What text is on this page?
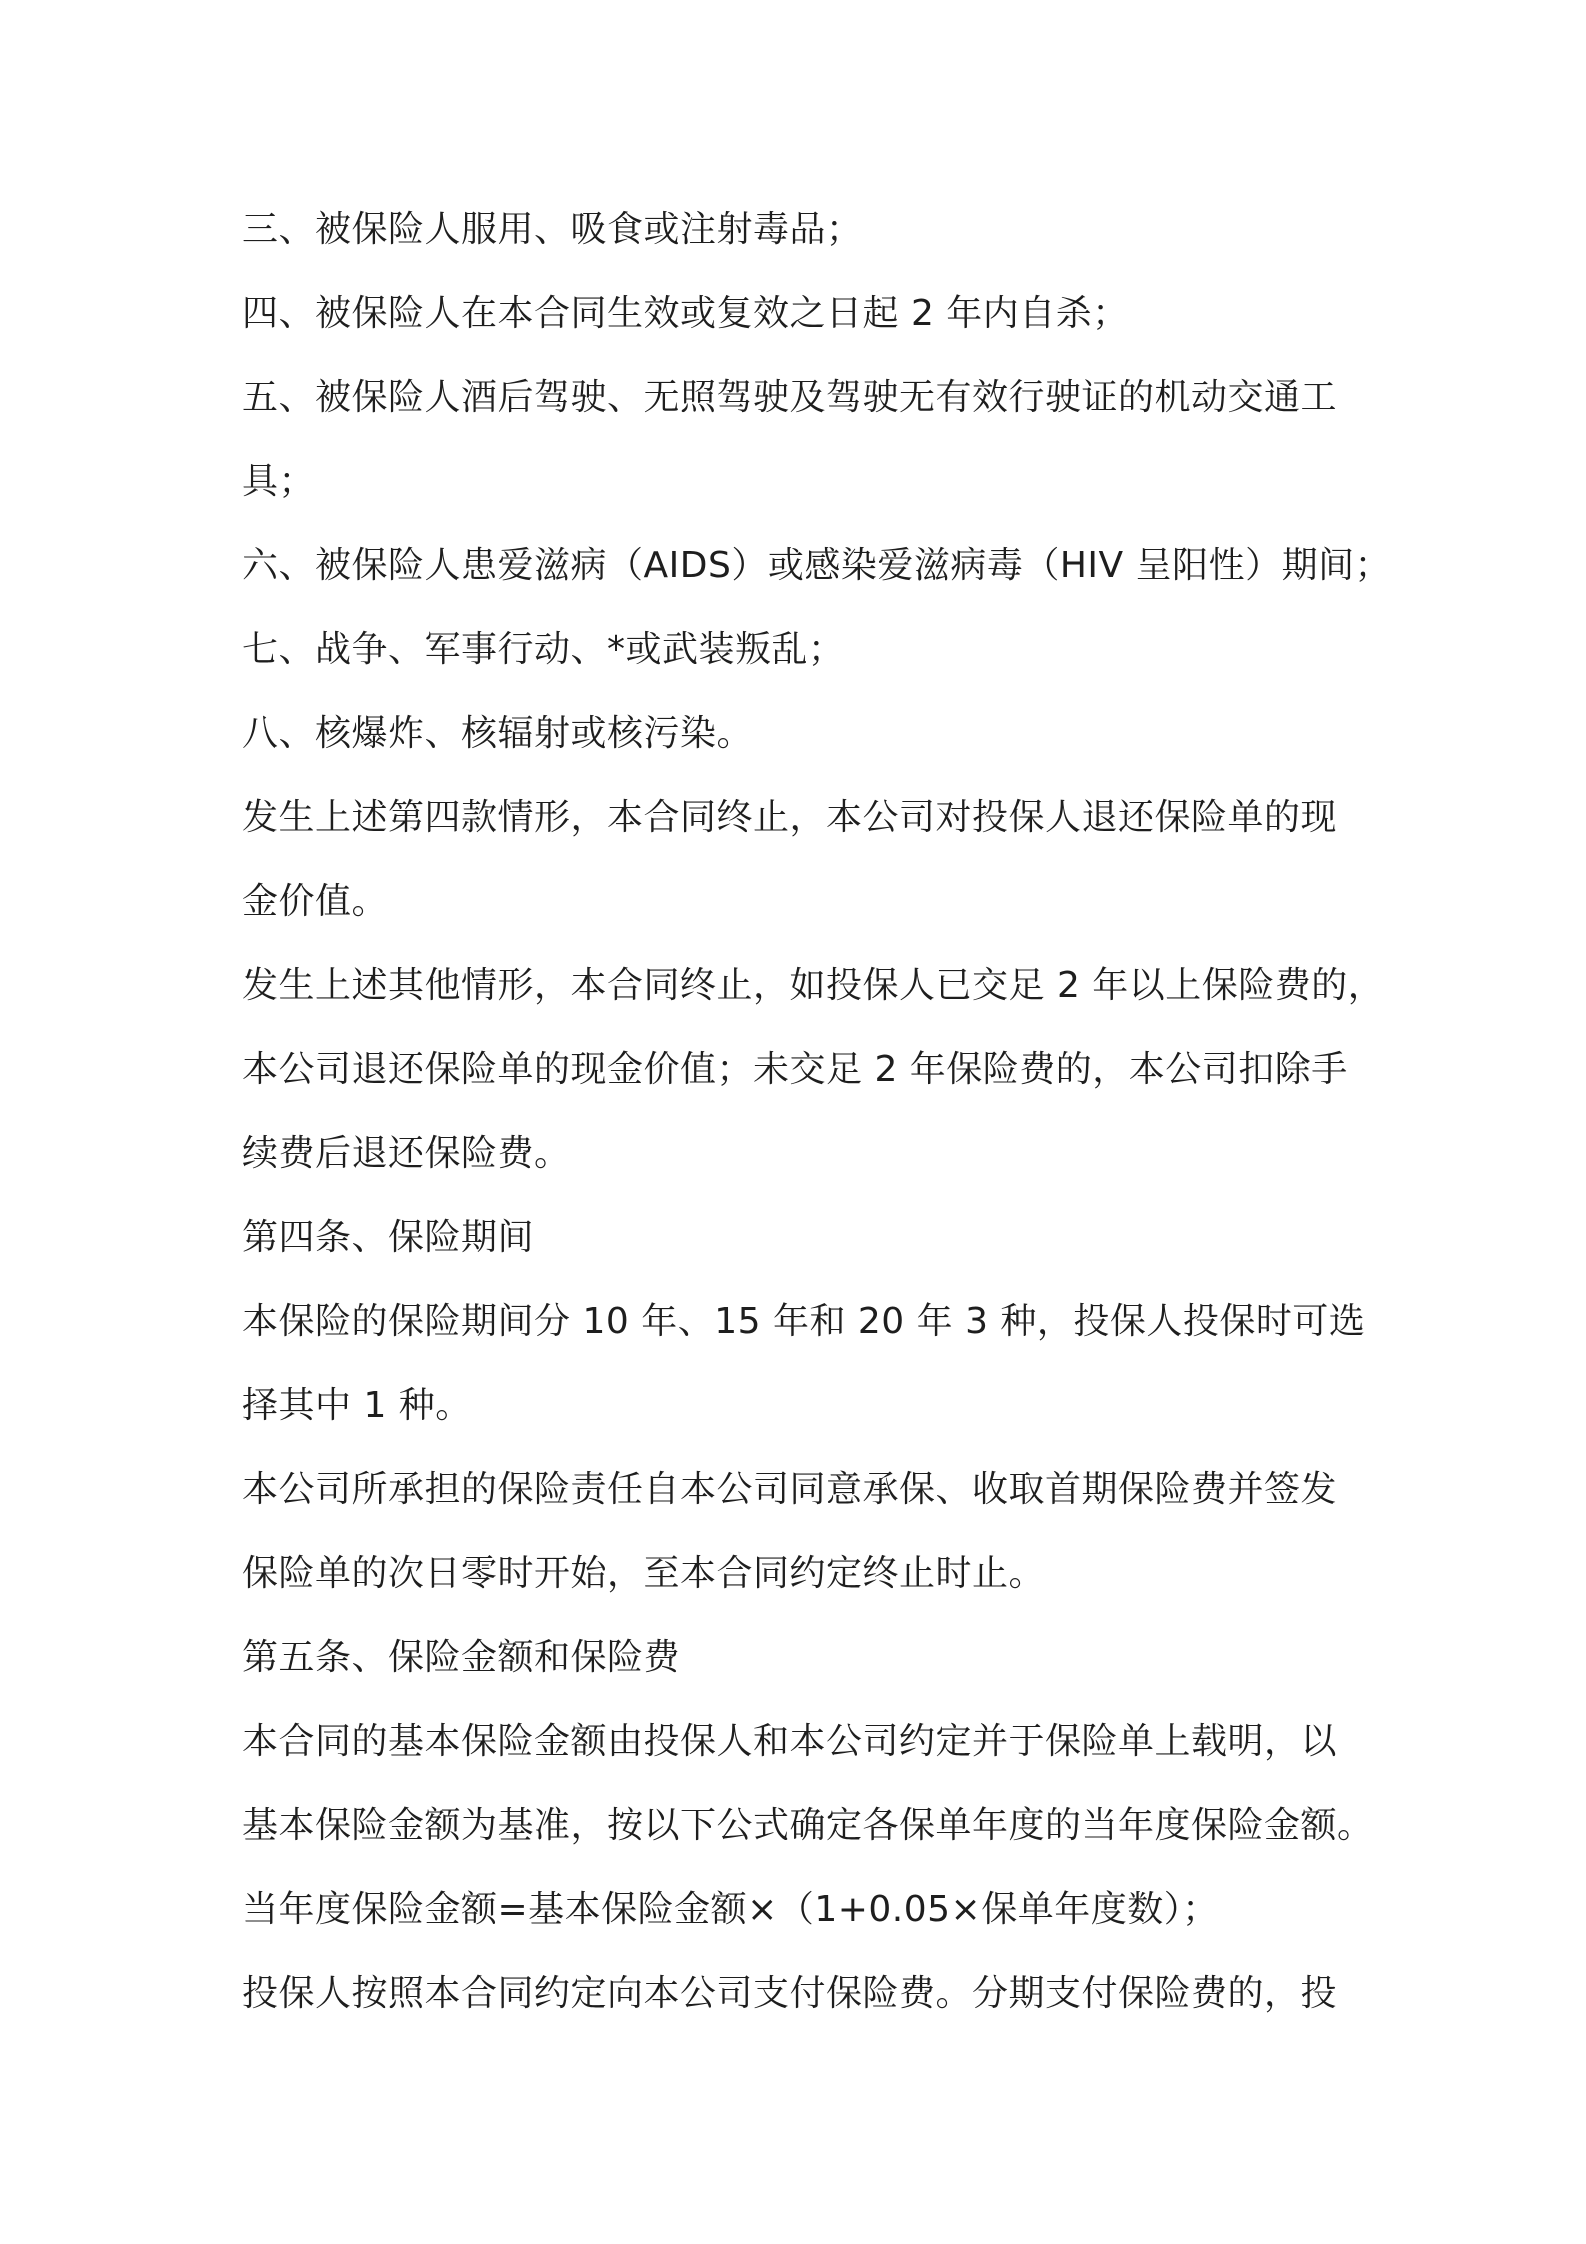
三、被保险人服用、吸食或注射毒品；
四、被保险人在本合同生效或复效之日起 2 年内自杀；
五、被保险人酒后驾驶、无照驾驶及驾驶无有效行驶证的机动交通工
具；
六、被保险人患爱滋病（AIDS）或感染爱滋病毒（HIV 呈阳性）期间；
七、战争、军事行动、*或武装叛乱；
八、核爆炸、核辐射或核污染。
发生上述第四款情形，本合同终止，本公司对投保人退还保险单的现
金价值。
发生上述其他情形，本合同终止，如投保人已交足 2 年以上保险费的，
本公司退还保险单的现金价值；未交足 2 年保险费的，本公司扣除手
续费后退还保险费。
第四条、保险期间
本保险的保险期间分 10 年、15 年和 20 年 3 种，投保人投保时可选
择其中 1 种。
本公司所承担的保险责任自本公司同意承保、收取首期保险费并签发
保险单的次日零时开始，至本合同约定终止时止。
第五条、保险金额和保险费
本合同的基本保险金额由投保人和本公司约定并于保险单上载明，以
基本保险金额为基准，按以下公式确定各保单年度的当年度保险金额。
当年度保险金额=基本保险金额×（1+0.05×保单年度数）；
投保人按照本合同约定向本公司支付保险费。分期支付保险费的，投
